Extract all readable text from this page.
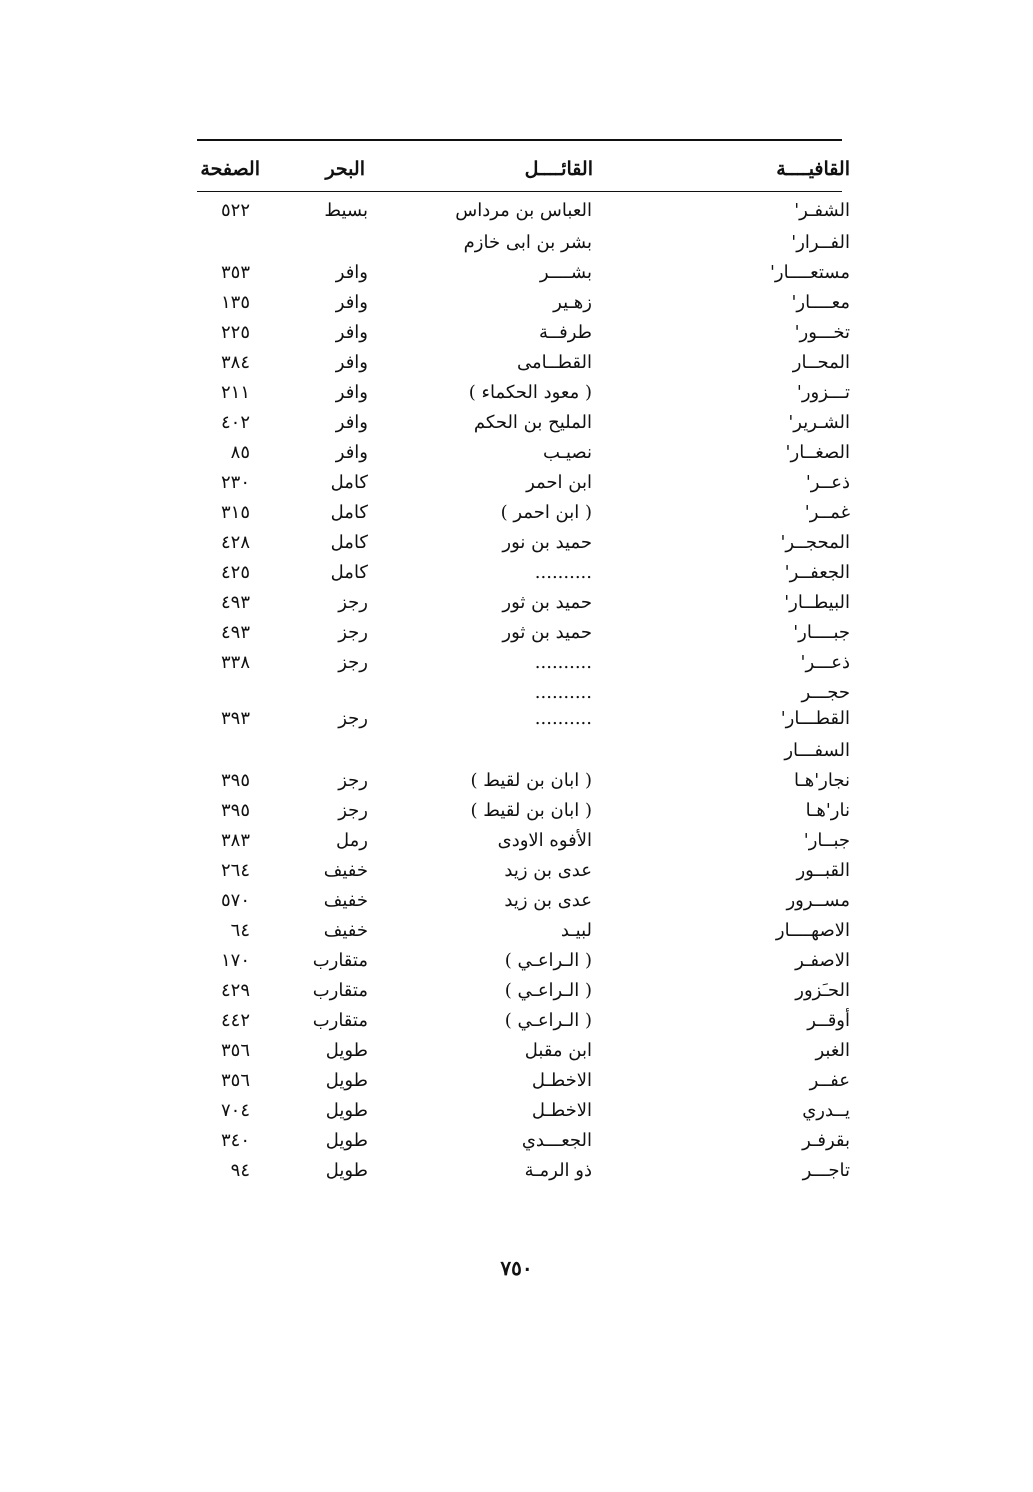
القافيــــة
القائــــل
البحر
الصفحة
الشفـر'
العباس بن مرداس
بسيط
٥٢٢
الفــرار'
بشر بن ابى خازم
مستعــــار'
بشــــر
وافر
٣٥٣
معــــار'
زهـير
وافر
١٣٥
تخـــور'
طرفــة
وافر
٢٢٥
المحــار
القطــامى
وافر
٣٨٤
تـــزور'
( معود الحكماء )
وافر
٢١١
الشـرير'
المليح بن الحكم
وافر
٤٠٢
الصغــار'
نصيـب
وافر
٨٥
ذعــر'
ابن احمر
كامل
٢٣٠
غمــر'
( ابن احمر )
كامل
٣١٥
المحجــر'
حميد بن نور
كامل
٤٢٨
الجعفــر'
..........
كامل
٤٢٥
البيطــار'
حميد بن ثور
رجز
٤٩٣
جبــــار'
حميد بن ثور
رجز
٤٩٣
ذعـــر'
..........
رجز
٣٣٨
حجـــر
..........
القطـــار'
..........
رجز
٣٩٣
السفـــار
نجار'هـا
( ابان بن لقيط )
رجز
٣٩٥
نار'هـا
( ابان بن لقيط )
رجز
٣٩٥
جبــار'
الأفوه الاودى
رمل
٣٨٣
القبــور
عدى بن زيد
خفيف
٢٦٤
مســرور
عدى بن زيد
خفيف
٥٧٠
الاصهــــار
لبيـد
خفيف
٦٤
الاصفـر
( الـراعـي )
متقارب
١٧٠
الحـَزور
( الـراعـي )
متقارب
٤٢٩
أوقــر
( الـراعـي )
متقارب
٤٤٢
الغبر
ابن مقبل
طويل
٣٥٦
عفــر
الاخطـل
طويل
٣٥٦
يــدري
الاخطـل
طويل
٧٠٤
بقرفـر
الجعـــدي
طويل
٣٤٠
تاجـــر
ذو الرمـة
طويل
٩٤
٧٥٠
